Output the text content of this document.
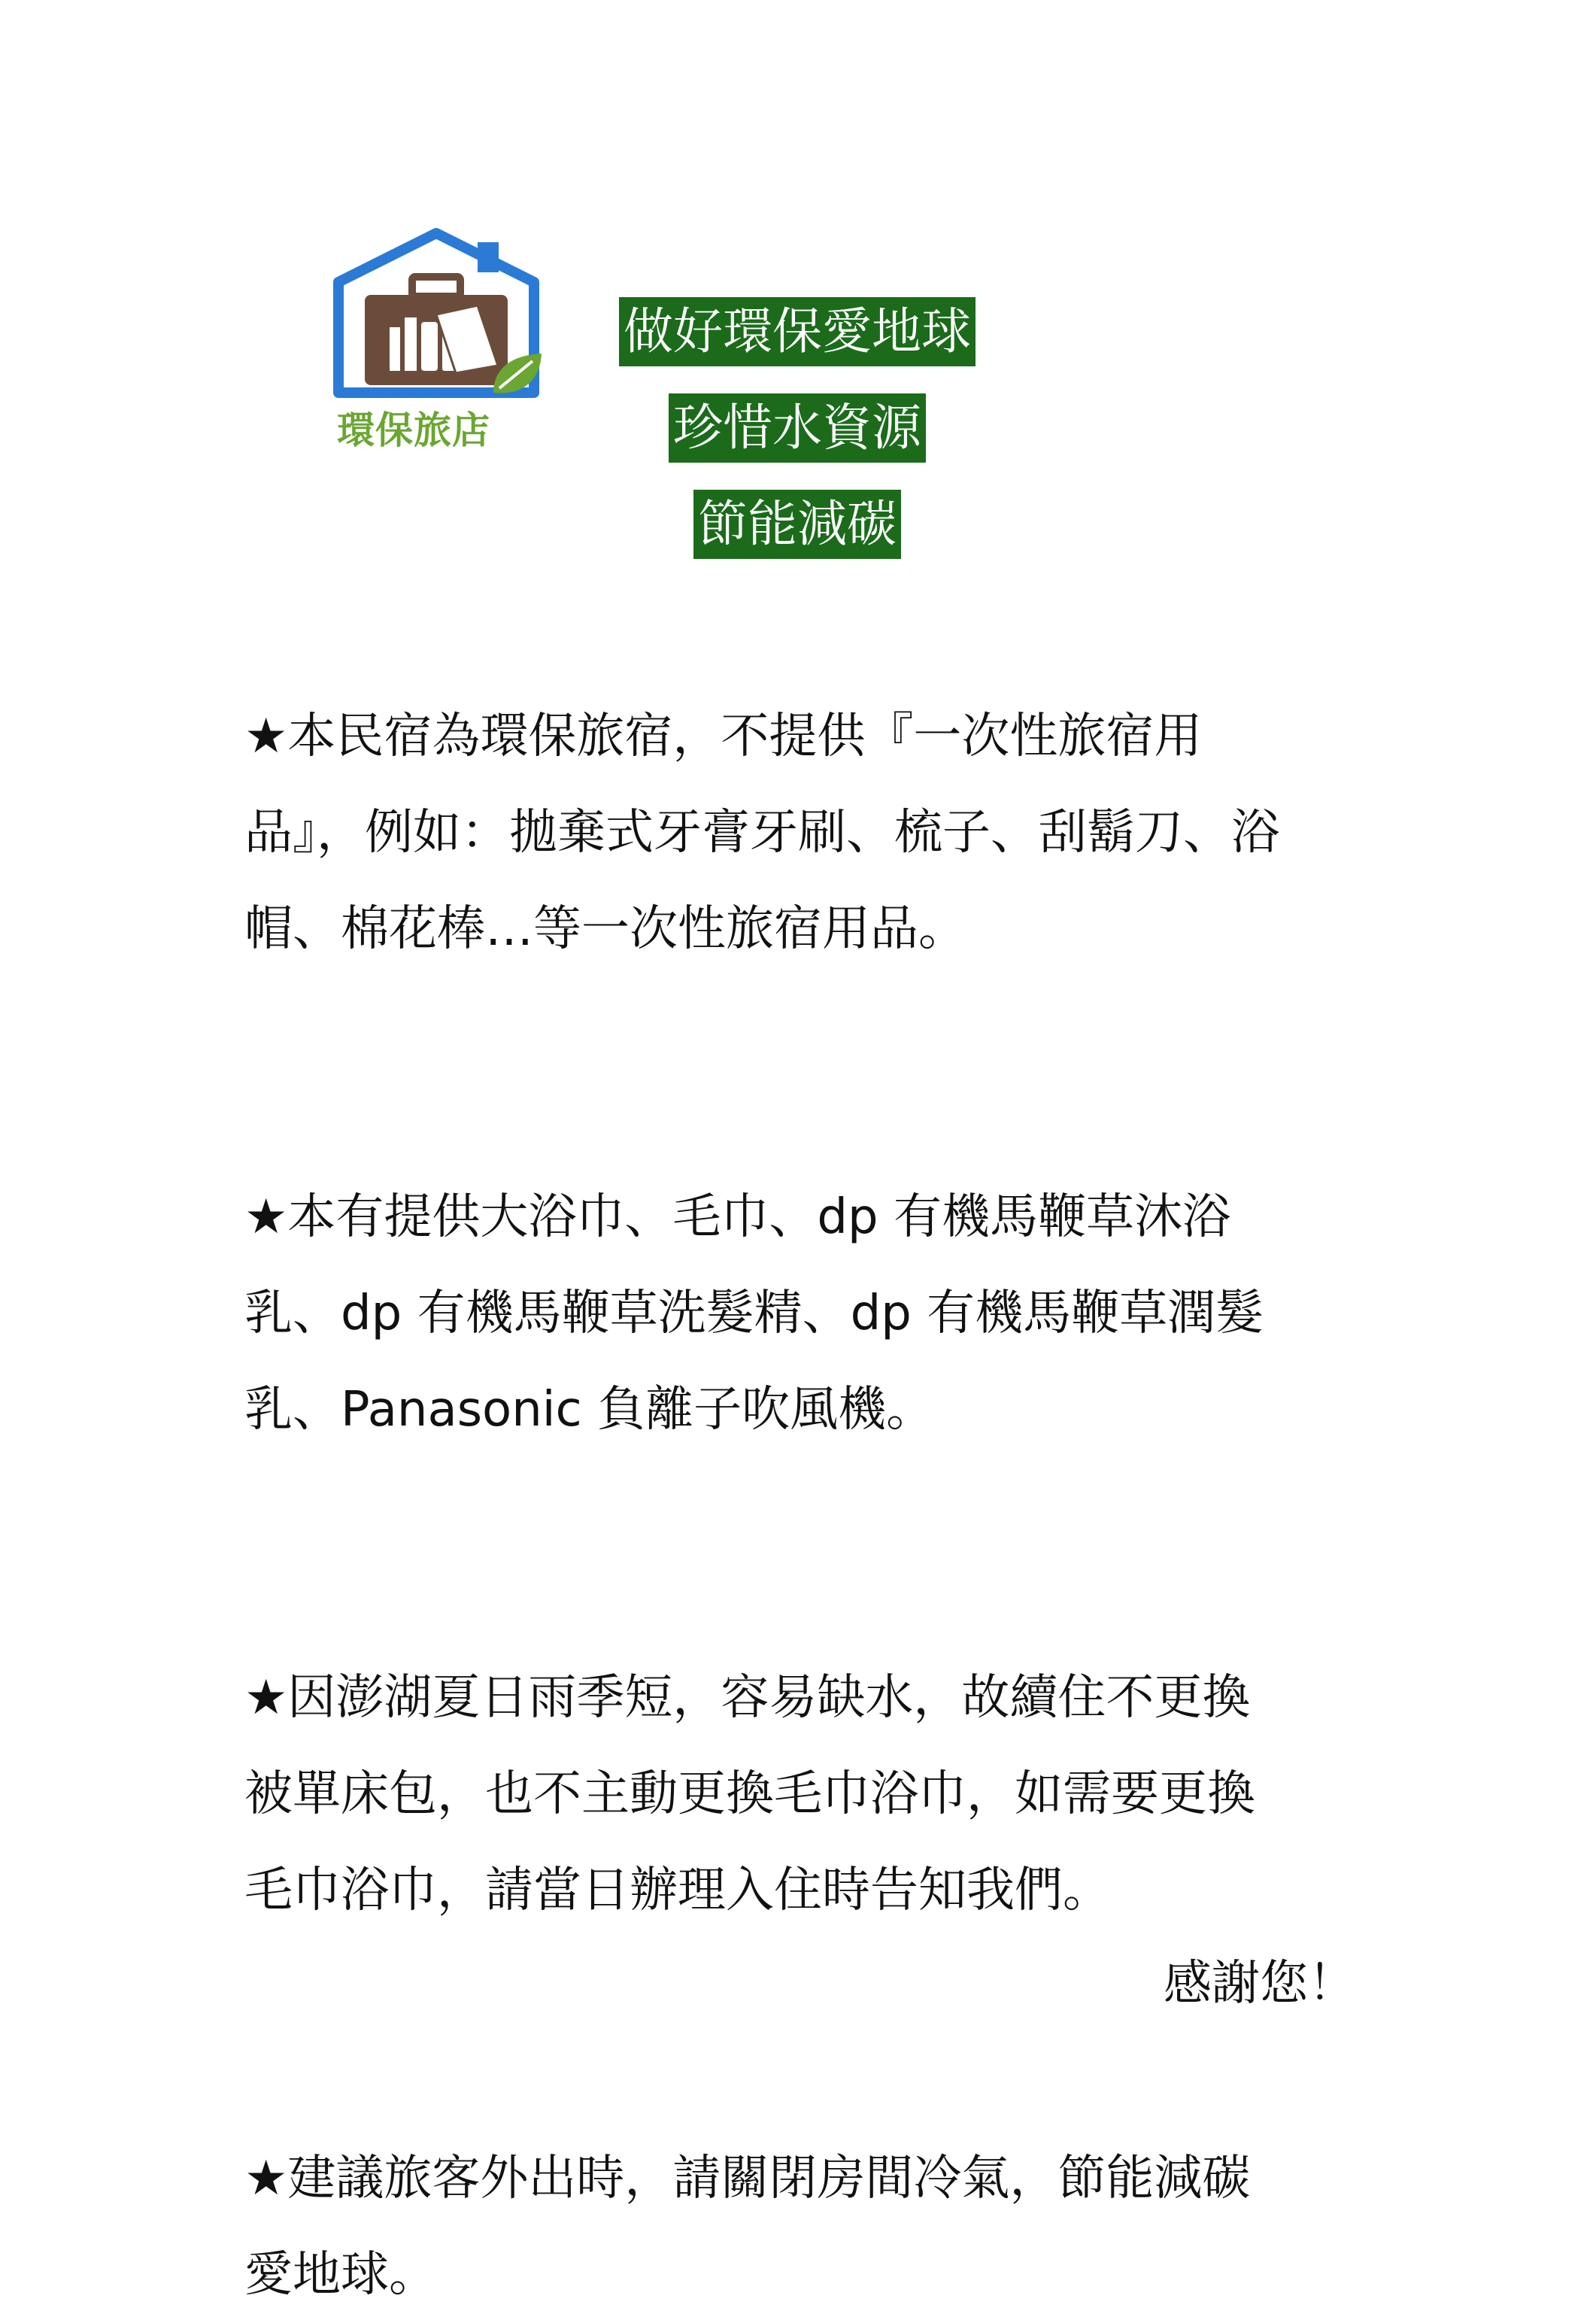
環保旅店
做好環保愛地球
珍惜水資源
節能減碳

★本民宿為環保旅宿，不提供『一次性旅宿用
品』，例如：拋棄式牙膏牙刷、梳子、刮鬍刀、浴
帽、棉花棒…等一次性旅宿用品。

★本有提供大浴巾、毛巾、dp 有機馬鞭草沐浴
乳、dp 有機馬鞭草洗髮精、dp 有機馬鞭草潤髮
乳、Panasonic 負離子吹風機。

★因澎湖夏日雨季短，容易缺水，故續住不更換
被單床包，也不主動更換毛巾浴巾，如需要更換
毛巾浴巾，請當日辦理入住時告知我們。

★建議旅客外出時，請關閉房間冷氣，節能減碳
愛地球。

感謝您！
